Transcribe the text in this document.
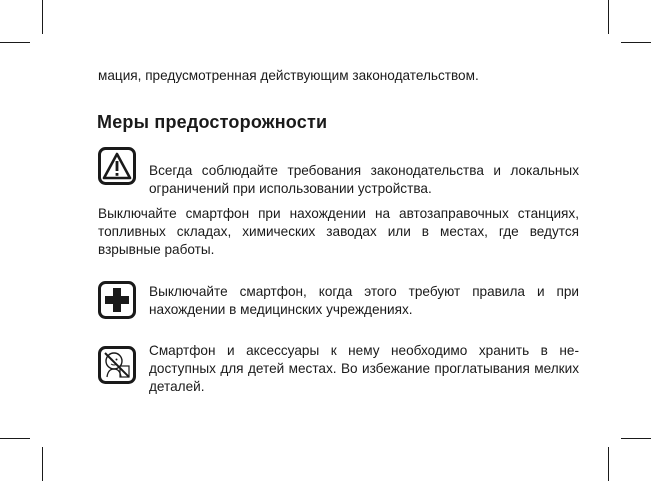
мация, предусмотренная действующим законодательством.
Меры предосторожности
Всегда соблюдайте требования законодательства и локальных ограничений при использовании устройства.
Выключайте смартфон при нахождении на автозаправочных станциях, топливных складах, химических заводах или в местах, где ведутся взрывные работы.
Выключайте смартфон, когда этого требуют правила и при нахождении в медицинских учреждениях.
Смартфон и аксессуары к нему необходимо хранить в недоступных для детей местах. Во избежание проглатывания мелких деталей.
